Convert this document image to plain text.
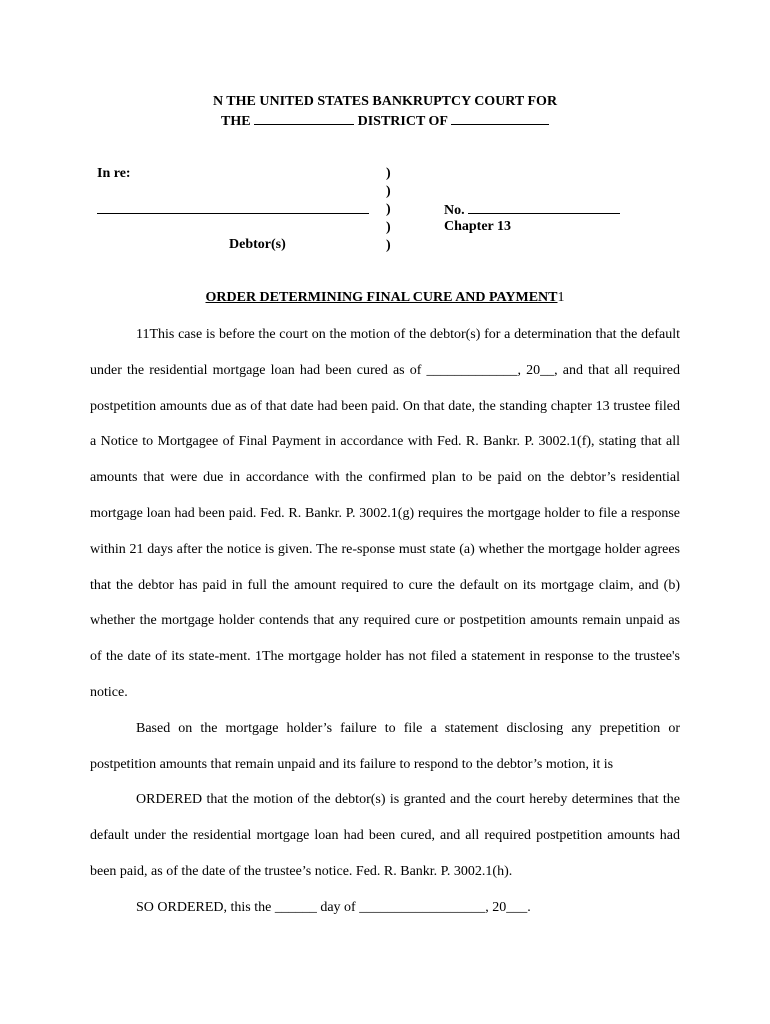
N THE UNITED STATES BANKRUPTCY COURT FOR
THE	DISTRICT OF
In re:
Debtor(s)
)
)
)
)
)
No.
Chapter 13
ORDER DETERMINING FINAL CURE AND PAYMENT1

11This case is before the court on the motion of the debtor(s) for a determination that the default under the residential mortgage loan had been cured as of _____________, 20__, and that all required postpetition amounts due as of that date had been paid. On that date, the standing chapter 13 trustee filed a Notice to Mortgagee of Final Payment in accordance with Fed. R. Bankr. P. 3002.1(f), stating that all amounts that were due in accordance with the confirmed plan to be paid on the debtor’s residential mortgage loan had been paid. Fed. R. Bankr. P. 3002.1(g) requires the mortgage holder to file a response within 21 days after the notice is given. The re-sponse must state (a) whether the mortgage holder agrees that the debtor has paid in full the amount required to cure the default on its mortgage claim, and (b) whether the mortgage holder contends that any required cure or postpetition amounts remain unpaid as of the date of its state-ment. 1The mortgage holder has not filed a statement in response to the trustee's notice.

Based on the mortgage holder’s failure to file a statement disclosing any prepetition or postpetition amounts that remain unpaid and its failure to respond to the debtor’s motion, it is

ORDERED that the motion of the debtor(s) is granted and the court hereby determines that the default under the residential mortgage loan had been cured, and all required postpetition amounts had been paid, as of the date of the trustee’s notice. Fed. R. Bankr. P. 3002.1(h).

SO ORDERED, this the ______ day of __________________, 20___.
